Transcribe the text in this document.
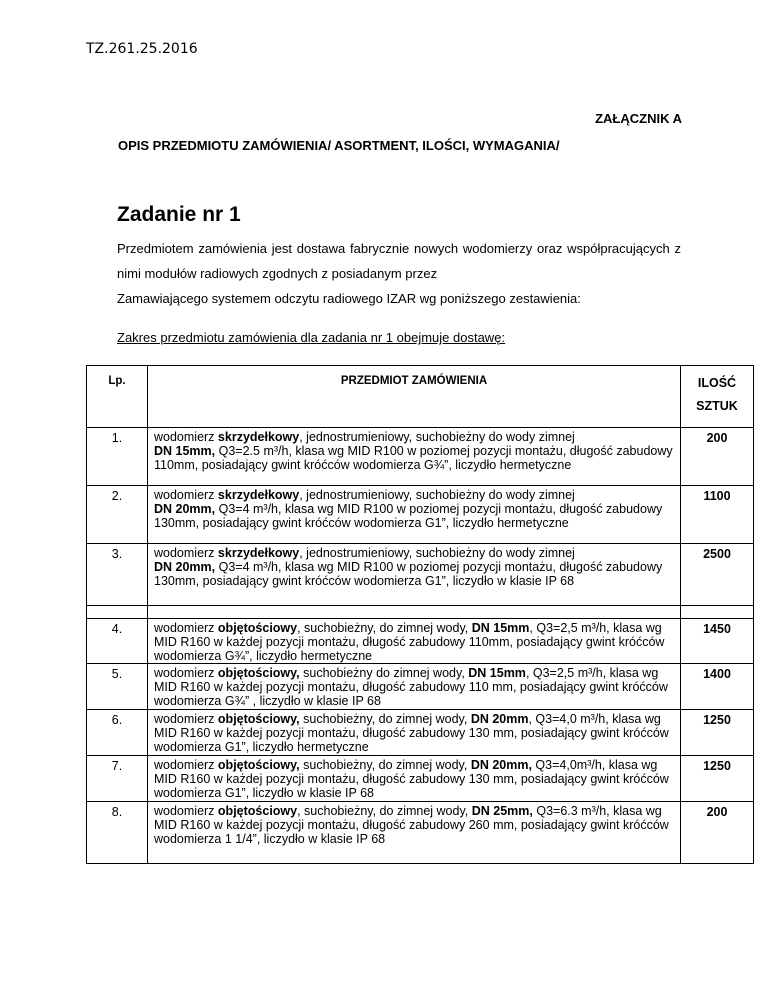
TZ.261.25.2016
ZAŁĄCZNIK A
OPIS PRZEDMIOTU ZAMÓWIENIA/ ASORTMENT, ILOŚCI, WYMAGANIA/
Zadanie nr 1

Przedmiotem zamówienia jest dostawa fabrycznie nowych wodomierzy oraz współpracujących z nimi modułów radiowych zgodnych z posiadanym przez

Zamawiającego systemem odczytu radiowego IZAR wg poniższego zestawienia:

Zakres przedmiotu zamówienia dla zadania nr 1 obejmuje dostawę:
Lp.	PRZEDMIOT ZAMÓWIENIA	ILOŚĆ
SZTUK
1.	wodomierz skrzydełkowy, jednostrumieniowy, suchobieżny do wody zimnej
DN 15mm, Q3=2.5 m³/h, klasa wg MID R100 w poziomej pozycji montażu, długość zabudowy 110mm, posiadający gwint króćców wodomierza G¾”, liczydło hermetyczne	200
2.	wodomierz skrzydełkowy, jednostrumieniowy, suchobieżny do wody zimnej
DN 20mm, Q3=4 m³/h, klasa wg MID R100 w poziomej pozycji montażu, długość zabudowy 130mm, posiadający gwint króćców wodomierza G1”, liczydło hermetyczne	1100
3.	wodomierz skrzydełkowy, jednostrumieniowy, suchobieżny do wody zimnej
DN 20mm, Q3=4 m³/h, klasa wg MID R100 w poziomej pozycji montażu, długość zabudowy 130mm, posiadający gwint króćców wodomierza G1”, liczydło w klasie IP 68	2500

4.	wodomierz objętościowy, suchobieżny, do zimnej wody, DN 15mm, Q3=2,5 m³/h, klasa wg MID R160 w każdej pozycji montażu, długość zabudowy 110mm, posiadający gwint króćców wodomierza G¾”, liczydło hermetyczne	1450
5.	wodomierz objętościowy, suchobieżny do zimnej wody, DN 15mm, Q3=2,5 m³/h, klasa wg MID R160 w każdej pozycji montażu, długość zabudowy 110 mm, posiadający gwint króćców wodomierza G¾” , liczydło w klasie IP 68	1400
6.	wodomierz objętościowy, suchobieżny, do zimnej wody, DN 20mm, Q3=4,0 m³/h, klasa wg MID R160 w każdej pozycji montażu, długość zabudowy 130 mm, posiadający gwint króćców wodomierza G1”, liczydło hermetyczne	1250
7.	wodomierz objętościowy, suchobieżny, do zimnej wody, DN 20mm, Q3=4,0m³/h, klasa wg MID R160 w każdej pozycji montażu, długość zabudowy 130 mm, posiadający gwint króćców wodomierza G1”, liczydło w klasie IP 68	1250
8.	wodomierz objętościowy, suchobieżny, do zimnej wody, DN 25mm, Q3=6.3 m³/h, klasa wg MID R160 w każdej pozycji montażu, długość zabudowy 260 mm, posiadający gwint króćców wodomierza 1 1/4”, liczydło w klasie IP 68	200
